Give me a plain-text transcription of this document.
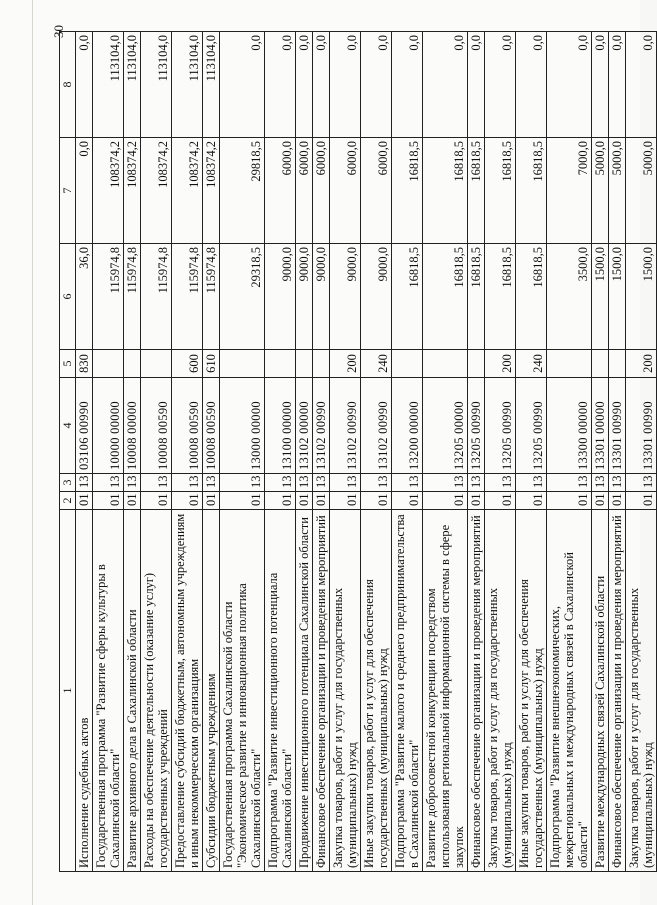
30
1	2	3	4	5	6	7	8
Исполнение судебных актов	01	13	03106 00990	830	36,0	0,0	0,0
Государственная программа "Развитие сферы культуры в Сахалинской области"	01	13	10000 00000		115974,8	108374,2	113104,0
Развитие архивного дела в Сахалинской области	01	13	10008 00000		115974,8	108374,2	113104,0
Расходы на обеспечение деятельности (оказание услуг) государственных учреждений	01	13	10008 00590		115974,8	108374,2	113104,0
Предоставление субсидий бюджетным, автономным учреждениям и иным некоммерческим организациям	01	13	10008 00590	600	115974,8	108374,2	113104,0
Субсидии бюджетным учреждениям	01	13	10008 00590	610	115974,8	108374,2	113104,0
Государственная программа Сахалинской области "Экономическое развитие и инновационная политика Сахалинской области"	01	13	13000 00000		29318,5	29818,5	0,0
Подпрограмма "Развитие инвестиционного потенциала Сахалинской области"	01	13	13100 00000		9000,0	6000,0	0,0
Продвижение инвестиционного потенциала Сахалинской области	01	13	13102 00000		9000,0	6000,0	0,0
Финансовое обеспечение организации и проведения мероприятий	01	13	13102 00990		9000,0	6000,0	0,0
Закупка товаров, работ и услуг для государственных (муниципальных) нужд	01	13	13102 00990	200	9000,0	6000,0	0,0
Иные закупки товаров, работ и услуг для обеспечения государственных (муниципальных) нужд	01	13	13102 00990	240	9000,0	6000,0	0,0
Подпрограмма "Развитие малого и среднего предпринимательства в Сахалинской области"	01	13	13200 00000		16818,5	16818,5	0,0
Развитие добросовестной конкуренции посредством использования региональной информационной системы в сфере закупок	01	13	13205 00000		16818,5	16818,5	0,0
Финансовое обеспечение организации и проведения мероприятий	01	13	13205 00990		16818,5	16818,5	0,0
Закупка товаров, работ и услуг для государственных (муниципальных) нужд	01	13	13205 00990	200	16818,5	16818,5	0,0
Иные закупки товаров, работ и услуг для обеспечения государственных (муниципальных) нужд	01	13	13205 00990	240	16818,5	16818,5	0,0
Подпрограмма "Развитие внешнеэкономических, межрегиональных и международных связей в Сахалинской области"	01	13	13300 00000		3500,0	7000,0	0,0
Развитие международных связей Сахалинской области	01	13	13301 00000		1500,0	5000,0	0,0
Финансовое обеспечение организации и проведения мероприятий	01	13	13301 00990		1500,0	5000,0	0,0
Закупка товаров, работ и услуг для государственных (муниципальных) нужд	01	13	13301 00990	200	1500,0	5000,0	0,0
